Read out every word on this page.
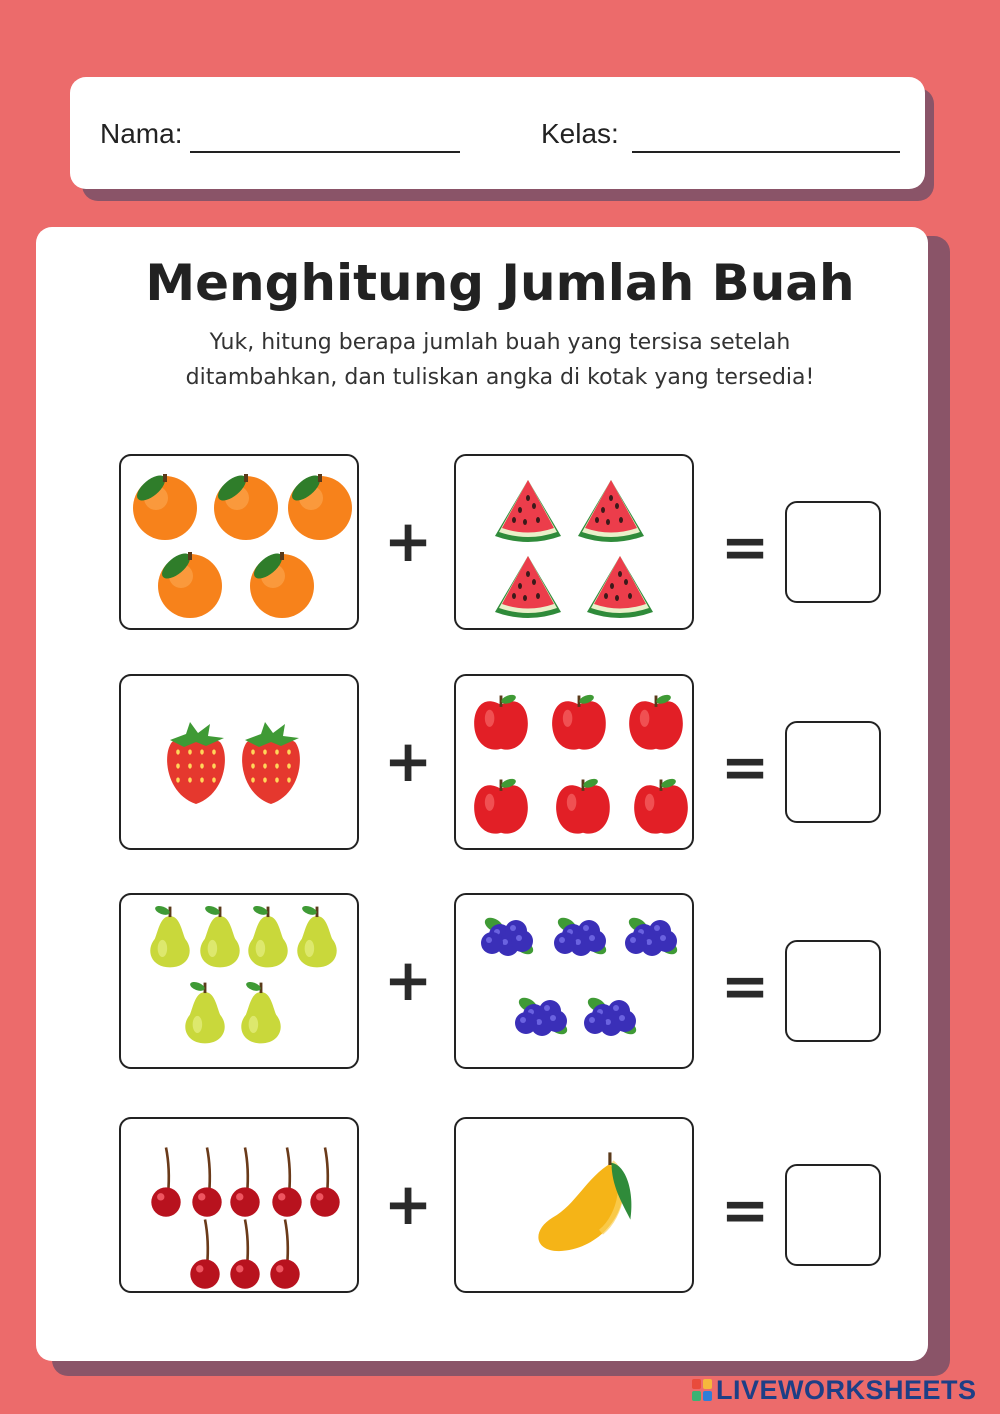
Nama:	Kelas:
Menghitung Jumlah Buah
Yuk, hitung berapa jumlah buah yang tersisa setelah
ditambahkan, dan tuliskan angka di kotak yang tersedia!
+	=
+	=
+	=
+	=
LIVEWORKSHEETS
